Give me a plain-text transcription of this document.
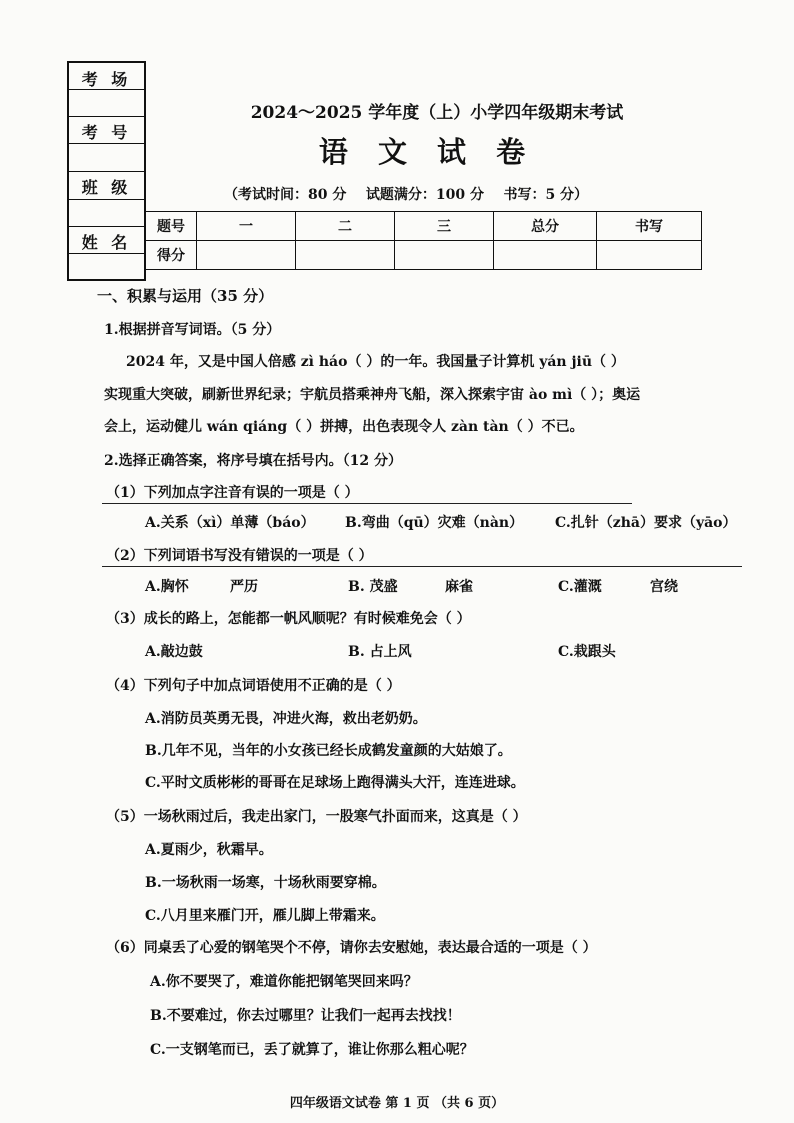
考 场
考 号
班 级
姓 名
2024～2025 学年度（上）小学四年级期末考试
语 文 试 卷
（考试时间：80 分    试题满分：100 分    书写：5 分）
题号	一	二	三	总分	书写
得分					
一、积累与运用（35 分）
1.根据拼音写词语。（5 分）
2024 年，又是中国人倍感 zì háo（ ）的一年。我国量子计算机 yán jiū（ ）
实现重大突破，刷新世界纪录；宇航员搭乘神舟飞船，深入探索宇宙 ào mì（ ）；奥运
会上，运动健儿 wán qiáng（ ）拼搏，出色表现令人 zàn tàn（ ）不已。
2.选择正确答案，将序号填在括号内。（12 分）
（1）下列加点字注音有误的一项是（ ）
A.关系（xì）单薄（báo） B.弯曲（qū）灾难（nàn） C.扎针（zhā）要求（yāo）
（2）下列词语书写没有错误的一项是（ ）
A.胸怀	严历	B. 茂盛	麻雀	C.灌溉	宫绕
（3）成长的路上，怎能都一帆风顺呢？有时候难免会（ ）
A.敲边鼓	B. 占上风	C.栽跟头
（4）下列句子中加点词语使用不正确的是（ ）
A.消防员英勇无畏，冲进火海，救出老奶奶。
B.几年不见，当年的小女孩已经长成鹤发童颜的大姑娘了。
C.平时文质彬彬的哥哥在足球场上跑得满头大汗，连连进球。
（5）一场秋雨过后，我走出家门，一股寒气扑面而来，这真是（ ）
A.夏雨少，秋霜早。
B.一场秋雨一场寒，十场秋雨要穿棉。
C.八月里来雁门开，雁儿脚上带霜来。
（6）同桌丢了心爱的钢笔哭个不停，请你去安慰她，表达最合适的一项是（ ）
A.你不要哭了，难道你能把钢笔哭回来吗？
B.不要难过，你去过哪里？让我们一起再去找找！
C.一支钢笔而已，丢了就算了，谁让你那么粗心呢？
四年级语文试卷 第 1 页 （共 6 页）
